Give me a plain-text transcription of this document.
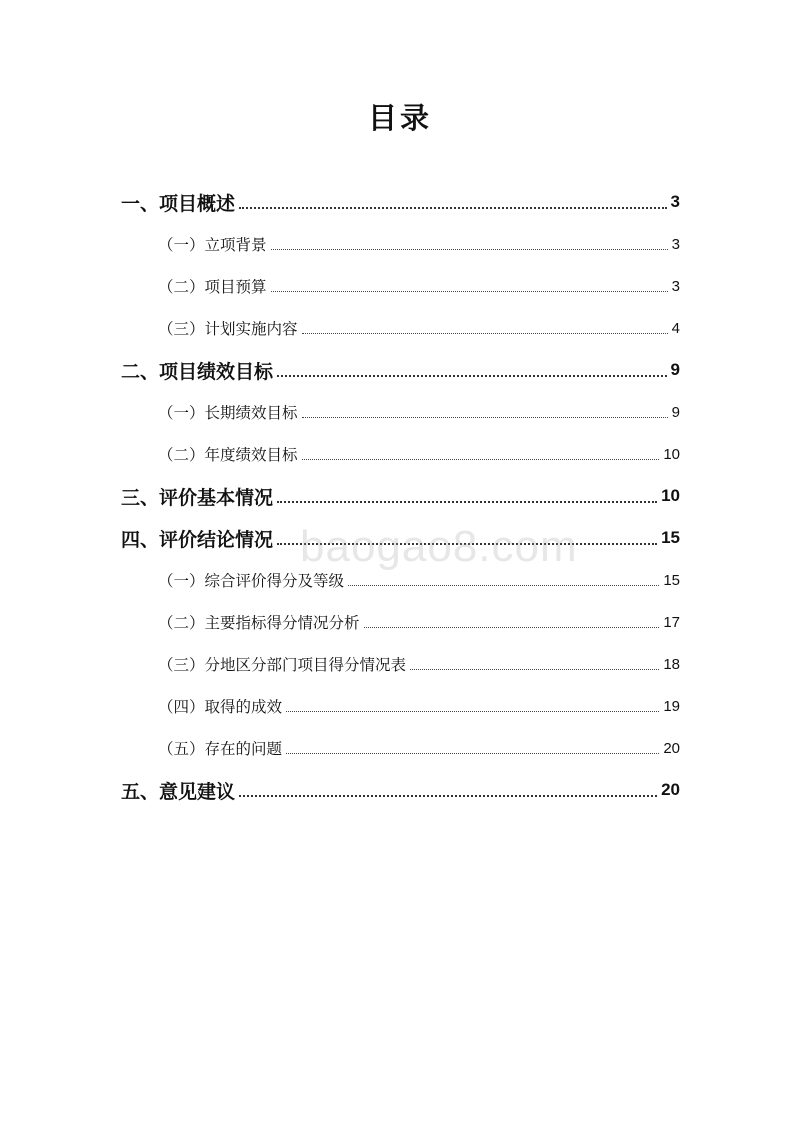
目录
一、项目概述	3
（一）立项背景	3
（二）项目预算	3
（三）计划实施内容	4
二、项目绩效目标	9
（一）长期绩效目标	9
（二）年度绩效目标	10
三、评价基本情况	10
四、评价结论情况	15
（一）综合评价得分及等级	15
（二）主要指标得分情况分析	17
（三）分地区分部门项目得分情况表	18
（四）取得的成效	19
（五）存在的问题	20
五、意见建议	20
baogao8.com
